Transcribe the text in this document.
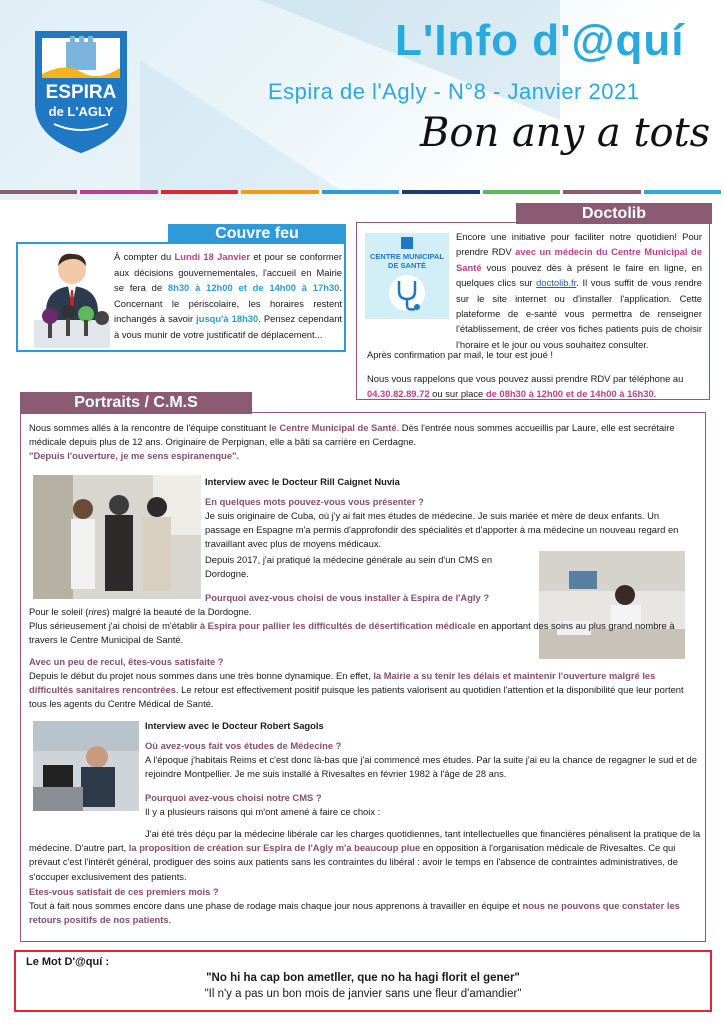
ESPIRA
de L'AGLY
L'Info d'@quí
Espira de l'Agly - N°8 - Janvier 2021
Bon any a tots
Couvre feu
À compter du Lundi 18 Janvier et pour se conformer aux décisions gouvernementales, l'accueil en Mairie se fera de 8h30 à 12h00 et de 14h00 à 17h30. Concernant le périscolaire, les horaires restent inchangés à savoir jusqu'à 18h30. Pensez cependant à vous munir de votre justificatif de déplacement...
Doctolib
CENTRE MUNICIPAL
DE SANTÉ
Encore une initiative pour faciliter notre quotidien! Pour prendre RDV avec un médecin du Centre Municipal de Santé vous pouvez dès à présent le faire en ligne, en quelques clics sur doctolib.fr. Il vous suffit de vous rendre sur le site internet ou d'installer l'application. Cette plateforme de e-santé vous permettra de renseigner l'établissement, de créer vos fiches patients puis de choisir l'horaire et le jour ou vous souhaitez consulter.
Après confirmation par mail, le tour est joué !
Nous vous rappelons que vous pouvez aussi prendre RDV par téléphone au 04.30.82.89.72 ou sur place de 08h30 à 12h00 et de 14h00 à 16h30.
Portraits / C.M.S
Nous sommes allés à la rencontre de l'équipe constituant le Centre Municipal de Santé. Dès l'entrée nous sommes accueillis par Laure, elle est secrétaire médicale depuis plus de 12 ans. Originaire de Perpignan, elle a bâti sa carrière en Cerdagne.
"Depuis l'ouverture, je me sens espiranenque".
Interview avec le Docteur Rill Caignet Nuvia
En quelques mots pouvez-vous vous présenter ?
Je suis originaire de Cuba, où j'y ai fait mes études de médecine. Je suis mariée et mère de deux enfants. Un passage en Espagne m'a permis d'approfondir des spécialités et d'apporter à ma médecine un nouveau regard en travaillant avec plus de moyens médicaux.
Depuis 2017, j'ai pratiqué la médecine générale au sein d'un CMS en Dordogne.
Pourquoi avez-vous choisi de vous installer à Espira de l'Agly ?
Pour le soleil (rires) malgré la beauté de la Dordogne.
Plus sérieusement j'ai choisi de m'établir à Espira pour pallier les difficultés de désertification médicale en apportant des soins au plus grand nombre à travers le Centre Municipal de Santé.
Avec un peu de recul, êtes-vous satisfaite ?
Depuis le début du projet nous sommes dans une très bonne dynamique. En effet, la Mairie a su tenir les délais et maintenir l'ouverture malgré les difficultés sanitaires rencontrées. Le retour est effectivement positif puisque les patients valorisent au quotidien l'attention et la disponibilité que leur portent tous les agents du Centre Médical de Santé.
Interview avec le Docteur Robert Sagols
Où avez-vous fait vos études de Médecine ?
A l'époque j'habitais Reims et c'est donc là-bas que j'ai commencé mes études. Par la suite j'ai eu la chance de regagner le sud et de rejoindre Montpellier. Je me suis installé à Rivesaltes en février 1982 à l'âge de 28 ans.
Pourquoi avez-vous choisi notre CMS ?
Il y a plusieurs raisons qui m'ont amené à faire ce choix :
J'ai été très déçu par la médecine libérale car les charges quotidiennes, tant intellectuelles que financières pénalisent la pratique de la médecine. D'autre part, la proposition de création sur Espira de l'Agly m'a beaucoup plue en opposition à l'organisation médicale de Rivesaltes. Ce qui prévaut c'est l'intérêt général, prodiguer des soins aux patients sans les contraintes du libéral : avoir le temps en l'absence de contraintes administratives, de s'occuper exclusivement des patients.
Etes-vous satisfait de ces premiers mois ?
Tout à fait nous sommes encore dans une phase de rodage mais chaque jour nous apprenons à travailler en équipe et nous ne pouvons que constater les retours positifs de nos patients.
Le Mot D'@quí :
"No hi ha cap bon ametller, que no ha hagi florit el gener"
"Il n'y a pas un bon mois de janvier sans une fleur d'amandier"
